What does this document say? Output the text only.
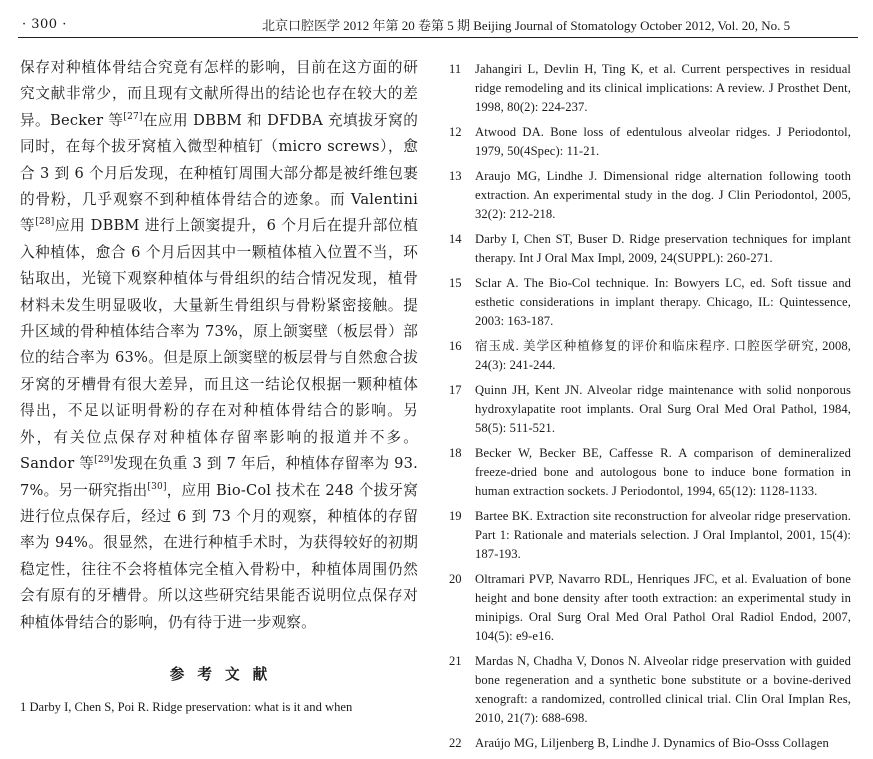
· 300 ·	北京口腔医学 2012 年第 20 卷第 5 期 Beijing Journal of Stomatology October 2012, Vol. 20, No. 5

保存对种植体骨结合究竟有怎样的影响，目前在这方面的研究文献非常少，而且现有文献所得出的结论也存在较大的差异。Becker 等[27]在应用 DBBM 和 DFDBA 充填拔牙窝的同时，在每个拔牙窝植入微型种植钉（micro screws），愈合 3 到 6 个月后发现，在种植钉周围大部分都是被纤维包裹的骨粉，几乎观察不到种植体骨结合的迹象。而 Valentini 等[28]应用 DBBM 进行上颌窦提升，6 个月后在提升部位植入种植体，愈合 6 个月后因其中一颗植体植入位置不当，环钻取出，光镜下观察种植体与骨组织的结合情况发现，植骨材料未发生明显吸收，大量新生骨组织与骨粉紧密接触。提升区域的骨种植体结合率为 73%，原上颌窦壁（板层骨）部位的结合率为 63%。但是原上颌窦壁的板层骨与自然愈合拔牙窝的牙槽骨有很大差异，而且这一结论仅根据一颗种植体得出，不足以证明骨粉的存在对种植体骨结合的影响。另外，有关位点保存对种植体存留率影响的报道并不多。Sandor 等[29]发现在负重 3 到 7 年后，种植体存留率为 93. 7%。另一研究指出[30]，应用 Bio-Col 技术在 248 个拔牙窝进行位点保存后，经过 6 到 73 个月的观察，种植体的存留率为 94%。很显然，在进行种植手术时，为获得较好的初期稳定性，往往不会将植体完全植入骨粉中，种植体周围仍然会有原有的牙槽骨。所以这些研究结果能否说明位点保存对种植体骨结合的影响，仍有待于进一步观察。

参考文献
1 Darby I, Chen S, Poi R. Ridge preservation: what is it and when
11	Jahangiri L, Devlin H, Ting K, et al. Current perspectives in residual ridge remodeling and its clinical implications: A review. J Prosthet Dent, 1998, 80(2): 224-237.
12	Atwood DA. Bone loss of edentulous alveolar ridges. J Periodontol, 1979, 50(4Spec): 11-21.
13	Araujo MG, Lindhe J. Dimensional ridge alternation following tooth extraction. An experimental study in the dog. J Clin Periodontol, 2005, 32(2): 212-218.
14	Darby I, Chen ST, Buser D. Ridge preservation techniques for implant therapy. Int J Oral Max Impl, 2009, 24(SUPPL): 260-271.
15	Sclar A. The Bio-Col technique. In: Bowyers LC, ed. Soft tissue and esthetic considerations in implant therapy. Chicago, IL: Quintessence, 2003: 163-187.
16	宿玉成. 美学区种植修复的评价和临床程序. 口腔医学研究, 2008, 24(3): 241-244.
17	Quinn JH, Kent JN. Alveolar ridge maintenance with solid nonporous hydroxylapatite root implants. Oral Surg Oral Med Oral Pathol, 1984, 58(5): 511-521.
18	Becker W, Becker BE, Caffesse R. A comparison of demineralized freeze-dried bone and autologous bone to induce bone formation in human extraction sockets. J Periodontol, 1994, 65(12): 1128-1133.
19	Bartee BK. Extraction site reconstruction for alveolar ridge preservation. Part 1: Rationale and materials selection. J Oral Implantol, 2001, 15(4): 187-193.
20	Oltramari PVP, Navarro RDL, Henriques JFC, et al. Evaluation of bone height and bone density after tooth extraction: an experimental study in minipigs. Oral Surg Oral Med Oral Pathol Oral Radiol Endod, 2007, 104(5): e9-e16.
21	Mardas N, Chadha V, Donos N. Alveolar ridge preservation with guided bone regeneration and a synthetic bone substitute or a bovine-derived xenograft: a randomized, controlled clinical trial. Clin Oral Implan Res, 2010, 21(7): 688-698.
22	Araújo MG, Liljenberg B, Lindhe J. Dynamics of Bio-Osss Collagen
